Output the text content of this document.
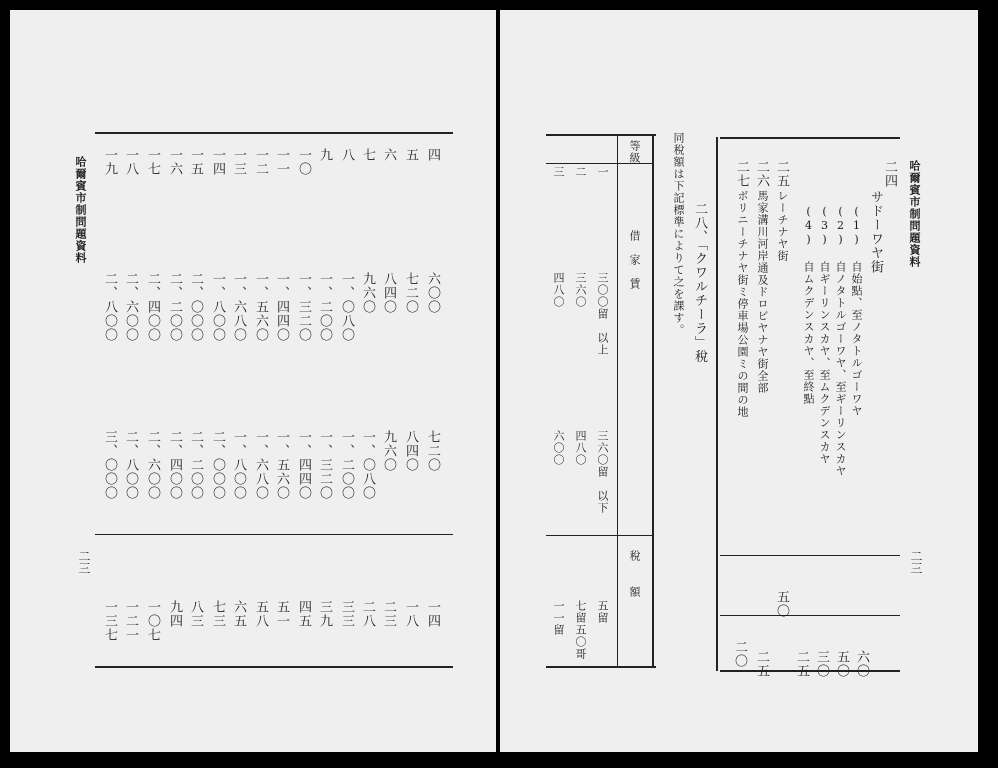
哈爾賓市制問題資料
二三
四
六〇〇
七二〇
一四
五
七二〇
八四〇
一八
六
八四〇
九六〇
二三
七
九六〇
一、〇八〇
二八
八
一、〇八〇
一、二〇〇
三三
九
一、二〇〇
一、三二〇
三九
一〇
一、三二〇
一、四四〇
四五
一一
一、四四〇
一、五六〇
五一
一二
一、五六〇
一、六八〇
五八
一三
一、六八〇
一、八〇〇
六五
一四
一、八〇〇
二、〇〇〇
七三
一五
二、〇〇〇
二、二〇〇
八三
一六
二、二〇〇
二、四〇〇
九四
一七
二、四〇〇
二、六〇〇
一〇七
一八
二、六〇〇
二、八〇〇
一二一
一九
二、八〇〇
三、〇〇〇
一三七
哈爾賓市制問題資料
二三
二四
サドーワヤ街
(1) 自始點、至ノタトルゴーワヤ
(2) 自ノタトルゴーワヤ、至ギーリンスカヤ
(3) 自ギーリンスカヤ、至ムクデンスカヤ
(4) 自ムクデンスカヤ、至終點
二五
レーチナヤ街
二六
馬家溝川河岸通及ドロビヤナヤ街全部
二七
ボリニーチナヤ街ミ停車場公園ミの間の地
五〇
六〇
五〇
三〇
二五
二五
二〇
二八、「クワルチーラ」稅
同稅額は下記標準によりて之を課す。
等級
借　家　賃
稅　　額
一
三〇〇留　以上
三六〇留　以下
五留
二
三六〇
四八〇
七留五〇哥
三
四八〇
六〇〇
一一留
